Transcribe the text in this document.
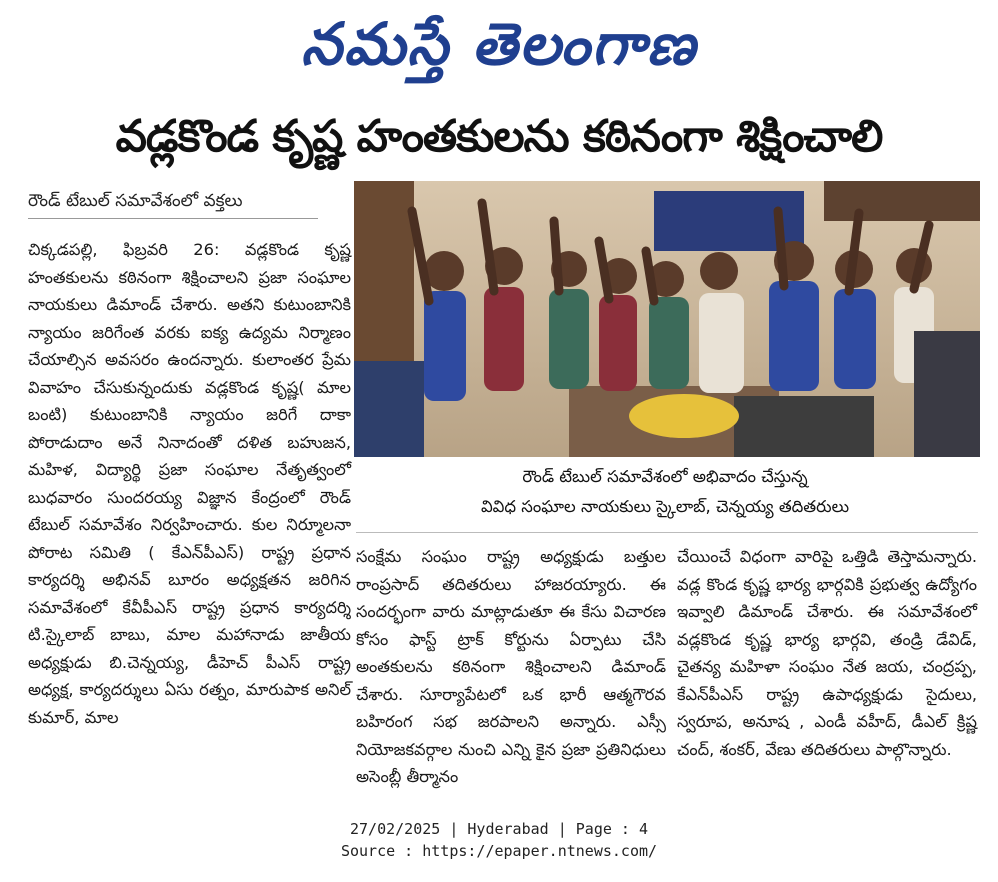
నమస్తే తెలంగాణ
వడ్లకొండ కృష్ణ హంతకులను కఠినంగా శిక్షించాలి
రౌండ్ టేబుల్ సమావేశంలో వక్తలు

చిక్కడపల్లి, ఫిబ్రవరి 26: వడ్లకొండ కృష్ణ హంతకులను కఠినంగా శిక్షించాలని ప్రజా సంఘాల నాయకులు డిమాండ్ చేశారు. అతని కుటుంబానికి న్యాయం జరిగేంత వరకు ఐక్య ఉద్యమ నిర్మాణం చేయాల్సిన అవసరం ఉందన్నారు. కులాంతర ప్రేమ వివాహం చేసుకున్నందుకు వడ్లకొండ కృష్ణ( మాల బంటి) కుటుంబానికి న్యాయం జరిగే దాకా పోరాడుదాం అనే నినాదంతో దళిత బహుజన, మహిళ, విద్యార్థి ప్రజా సంఘాల నేతృత్వంలో బుధవారం సుందరయ్య విజ్ఞాన కేంద్రంలో రౌండ్ టేబుల్ సమావేశం నిర్వహించారు. కుల నిర్మూలనా పోరాట సమితి ( కేఎన్‌పీఎస్) రాష్ట్ర ప్రధాన కార్యదర్శి అభినవ్ బూరం అధ్యక్షతన జరిగిన సమావేశంలో కేవీపీఎస్ రాష్ట్ర ప్రధాన కార్యదర్శి టి.స్కైలాబ్ బాబు, మాల మహానాడు జాతీయ అధ్యక్షుడు బి.చెన్నయ్య, డీహెచ్ పీఎస్ రాష్ట్ర అధ్యక్ష, కార్యదర్శులు ఏసు రత్నం, మారుపాక అనిల్ కుమార్, మాల

రౌండ్ టేబుల్ సమావేశంలో అభివాదం చేస్తున్న
వివిధ సంఘాల నాయకులు స్కైలాబ్, చెన్నయ్య తదితరులు

సంక్షేమ సంఘం రాష్ట్ర అధ్యక్షుడు బత్తుల రాంప్రసాద్ తదితరులు హాజరయ్యారు. ఈ సందర్భంగా వారు మాట్లాడుతూ ఈ కేసు విచారణ కోసం ఫాస్ట్ ట్రాక్ కోర్టును ఏర్పాటు చేసి అంతకులను కఠినంగా శిక్షించాలని డిమాండ్ చేశారు. సూర్యాపేటలో ఒక భారీ ఆత్మగౌరవ బహిరంగ సభ జరపాలని అన్నారు. ఎస్సీ నియోజకవర్గాల నుంచి ఎన్ని కైన ప్రజా ప్రతినిధులు అసెంబ్లీ తీర్మానం

చేయించే విధంగా వారిపై ఒత్తిడి తెస్తామన్నారు. వడ్ల కొండ కృష్ణ భార్య భార్గవికి ప్రభుత్వ ఉద్యోగం ఇవ్వాలి డిమాండ్ చేశారు. ఈ సమావేశంలో వడ్లకొండ కృష్ణ భార్య భార్గవి, తండ్రి డేవిడ్, చైతన్య మహిళా సంఘం నేత జయ, చంద్రప్ప, కేఎన్‌పీఎస్ రాష్ట్ర ఉపాధ్యక్షుడు సైదులు, స్వరూప, అనూష , ఎండీ వహీద్, డీఎల్ క్రిష్ణ చంద్, శంకర్, వేణు తదితరులు పాల్గొన్నారు.

27/02/2025 | Hyderabad | Page : 4
Source : https://epaper.ntnews.com/
